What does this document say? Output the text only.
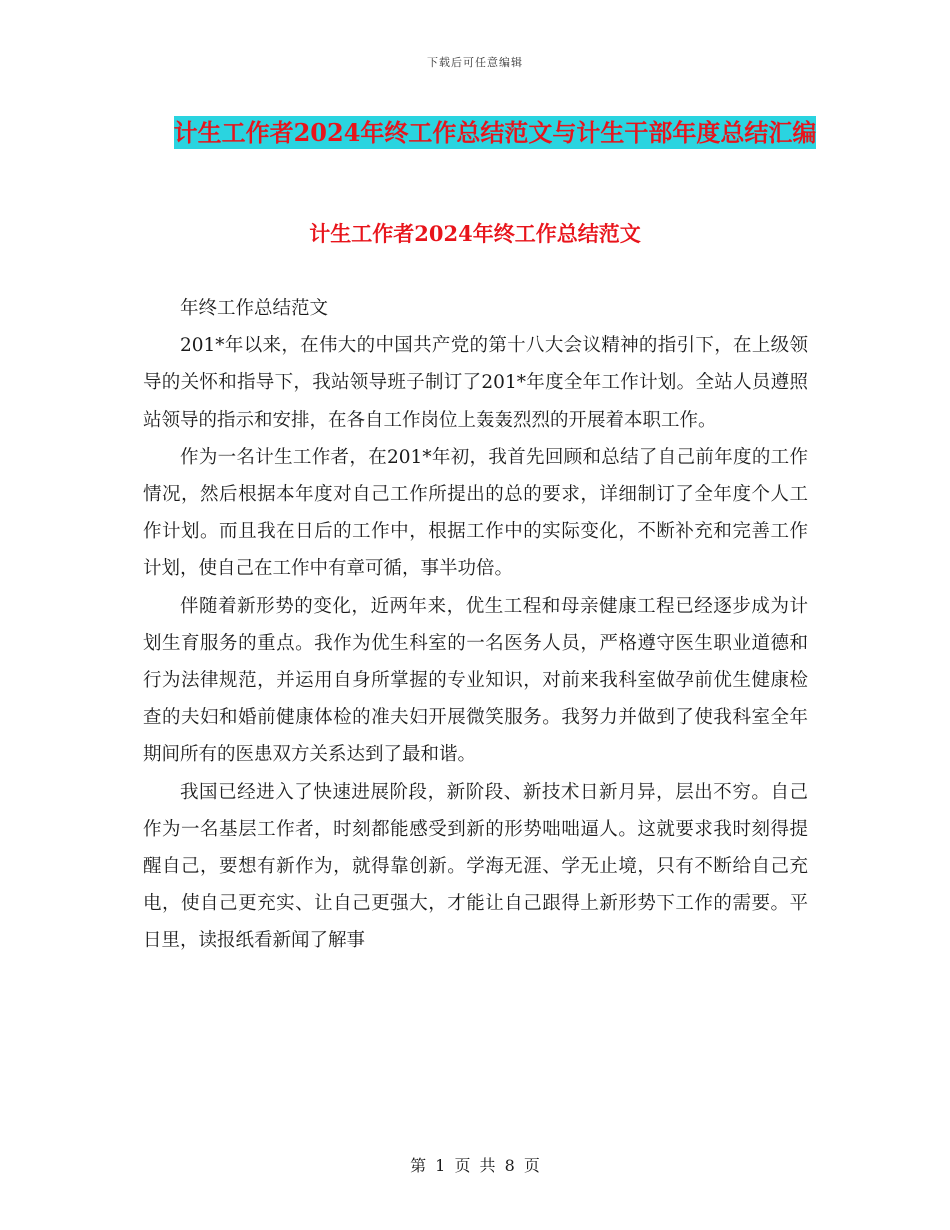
下载后可任意编辑
计生工作者2024年终工作总结范文与计生干部年度总结汇编
计生工作者2024年终工作总结范文

年终工作总结范文

201*年以来，在伟大的中国共产党的第十八大会议精神的指引下，在上级领导的关怀和指导下，我站领导班子制订了201*年度全年工作计划。全站人员遵照站领导的指示和安排，在各自工作岗位上轰轰烈烈的开展着本职工作。

作为一名计生工作者，在201*年初，我首先回顾和总结了自己前年度的工作情况，然后根据本年度对自己工作所提出的总的要求，详细制订了全年度个人工作计划。而且我在日后的工作中，根据工作中的实际变化，不断补充和完善工作计划，使自己在工作中有章可循，事半功倍。

伴随着新形势的变化，近两年来，优生工程和母亲健康工程已经逐步成为计划生育服务的重点。我作为优生科室的一名医务人员，严格遵守医生职业道德和行为法律规范，并运用自身所掌握的专业知识，对前来我科室做孕前优生健康检查的夫妇和婚前健康体检的准夫妇开展微笑服务。我努力并做到了使我科室全年期间所有的医患双方关系达到了最和谐。

我国已经进入了快速进展阶段，新阶段、新技术日新月异，层出不穷。自己作为一名基层工作者，时刻都能感受到新的形势咄咄逼人。这就要求我时刻得提醒自己，要想有新作为，就得靠创新。学海无涯、学无止境，只有不断给自己充电，使自己更充实、让自己更强大，才能让自己跟得上新形势下工作的需要。平日里，读报纸看新闻了解事

第 1 页 共 8 页
